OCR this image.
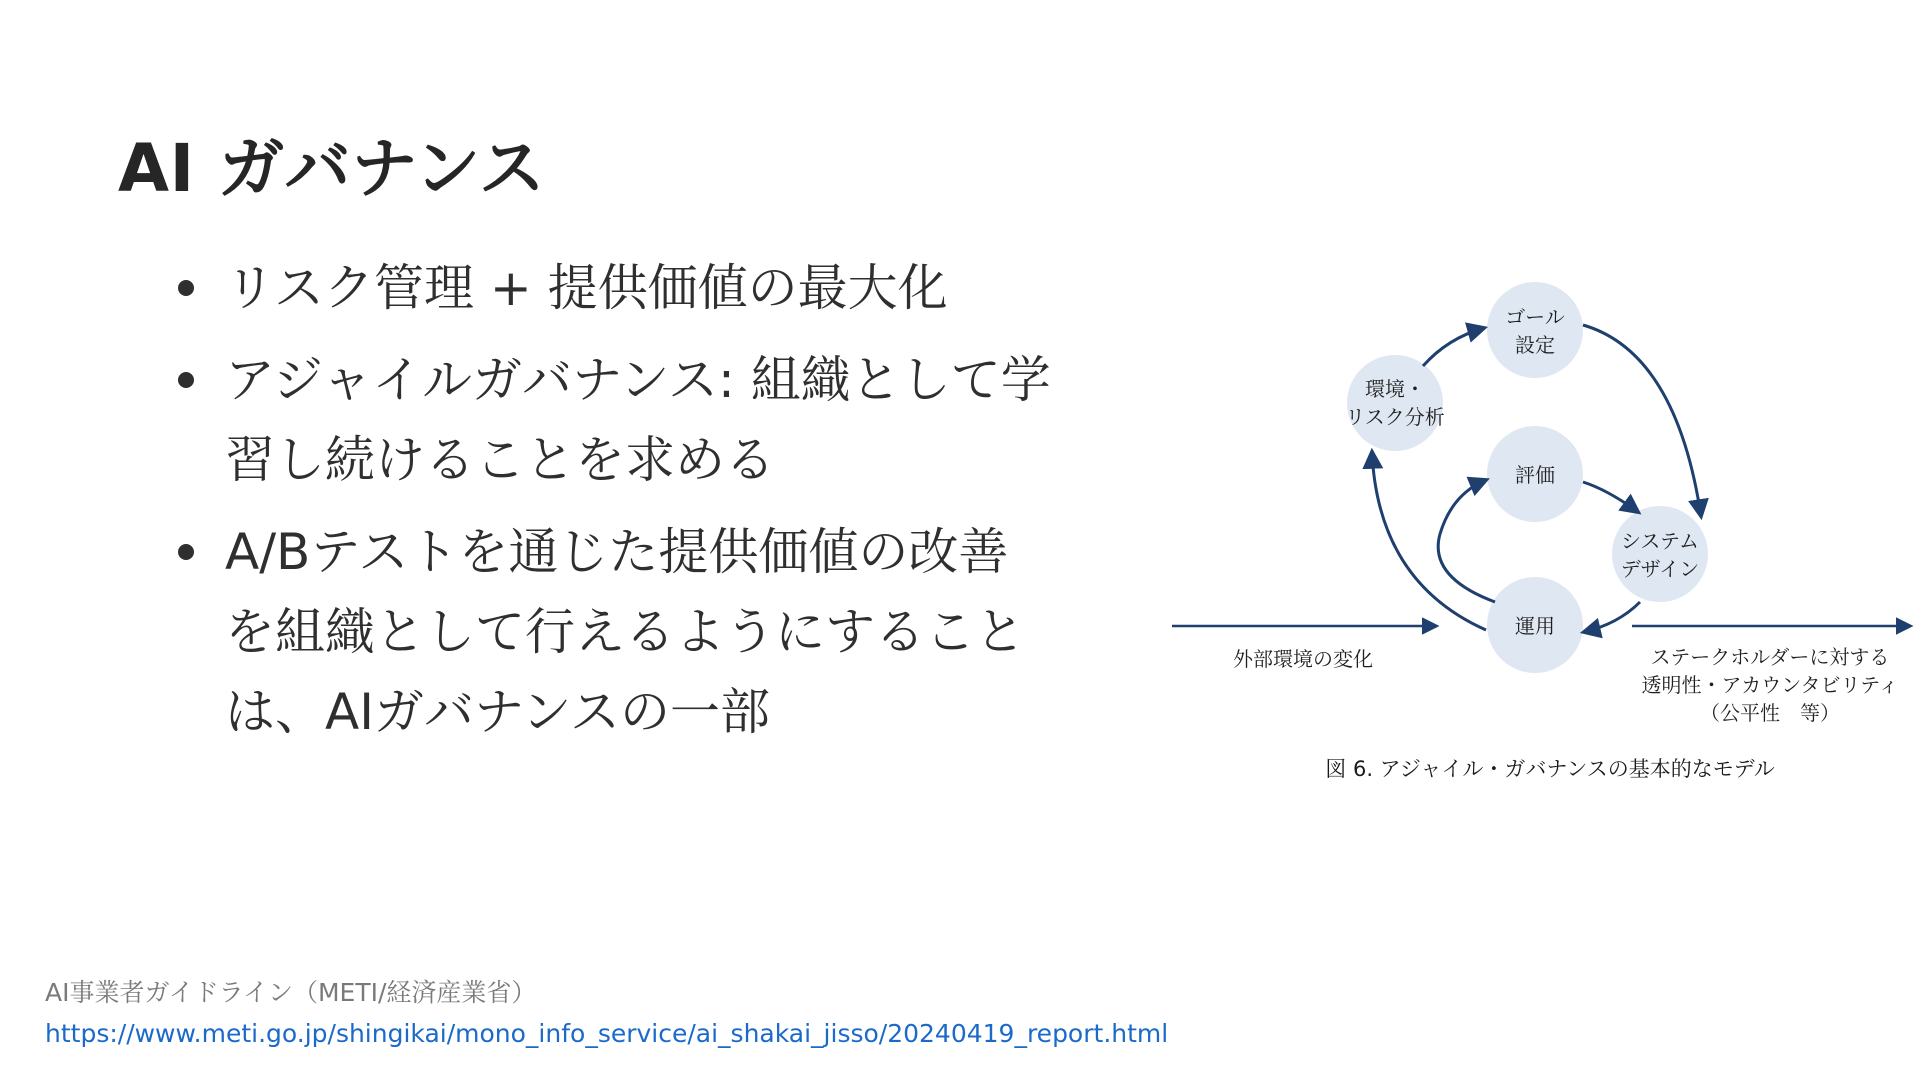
AI ガバナンス
リスク管理 + 提供価値の最大化
アジャイルガバナンス: 組織として学習し続けることを求める
A/Bテストを通じた提供価値の改善を組織として行えるようにすることは、AIガバナンスの一部
ゴール
設定
環境・
リスク分析
評価
システム
デザイン
運用
外部環境の変化	ステークホルダーに対する
透明性・アカウンタビリティ
（公平性　等）
図 6. アジャイル・ガバナンスの基本的なモデル
AI事業者ガイドライン（METI/経済産業省）
https://www.meti.go.jp/shingikai/mono_info_service/ai_shakai_jisso/20240419_report.html
